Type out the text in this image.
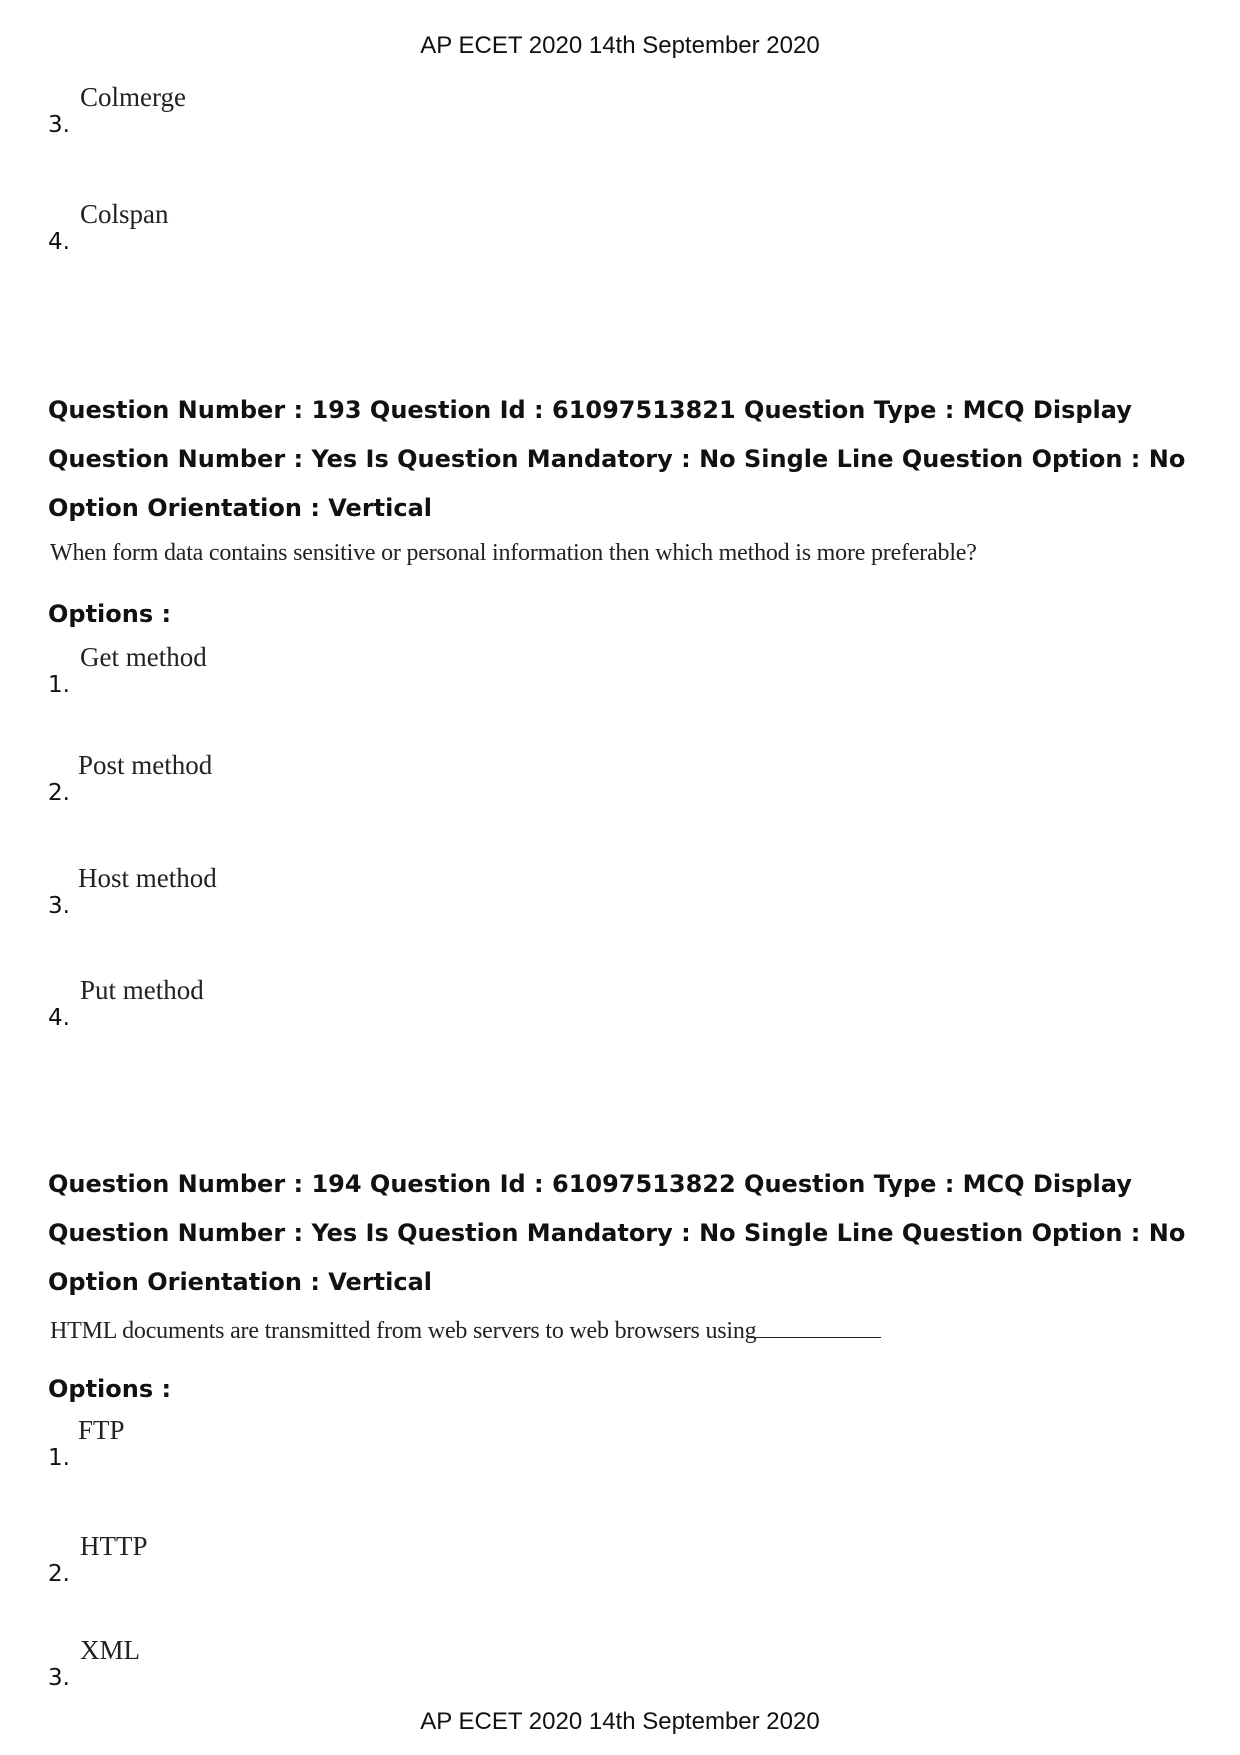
AP ECET 2020 14th September 2020
3.
Colmerge
4.
Colspan
Question Number : 193 Question Id : 61097513821 Question Type : MCQ Display Question Number : Yes Is Question Mandatory : No Single Line Question Option : No Option Orientation : Vertical
When form data contains sensitive or personal information then which method is more preferable?
Options :
1.
Get method
2.
Post method
3.
Host method
4.
Put method
Question Number : 194 Question Id : 61097513822 Question Type : MCQ Display Question Number : Yes Is Question Mandatory : No Single Line Question Option : No Option Orientation : Vertical
HTML documents are transmitted from web servers to web browsers using
Options :
1.
FTP
2.
HTTP
3.
XML
AP ECET 2020 14th September 2020
